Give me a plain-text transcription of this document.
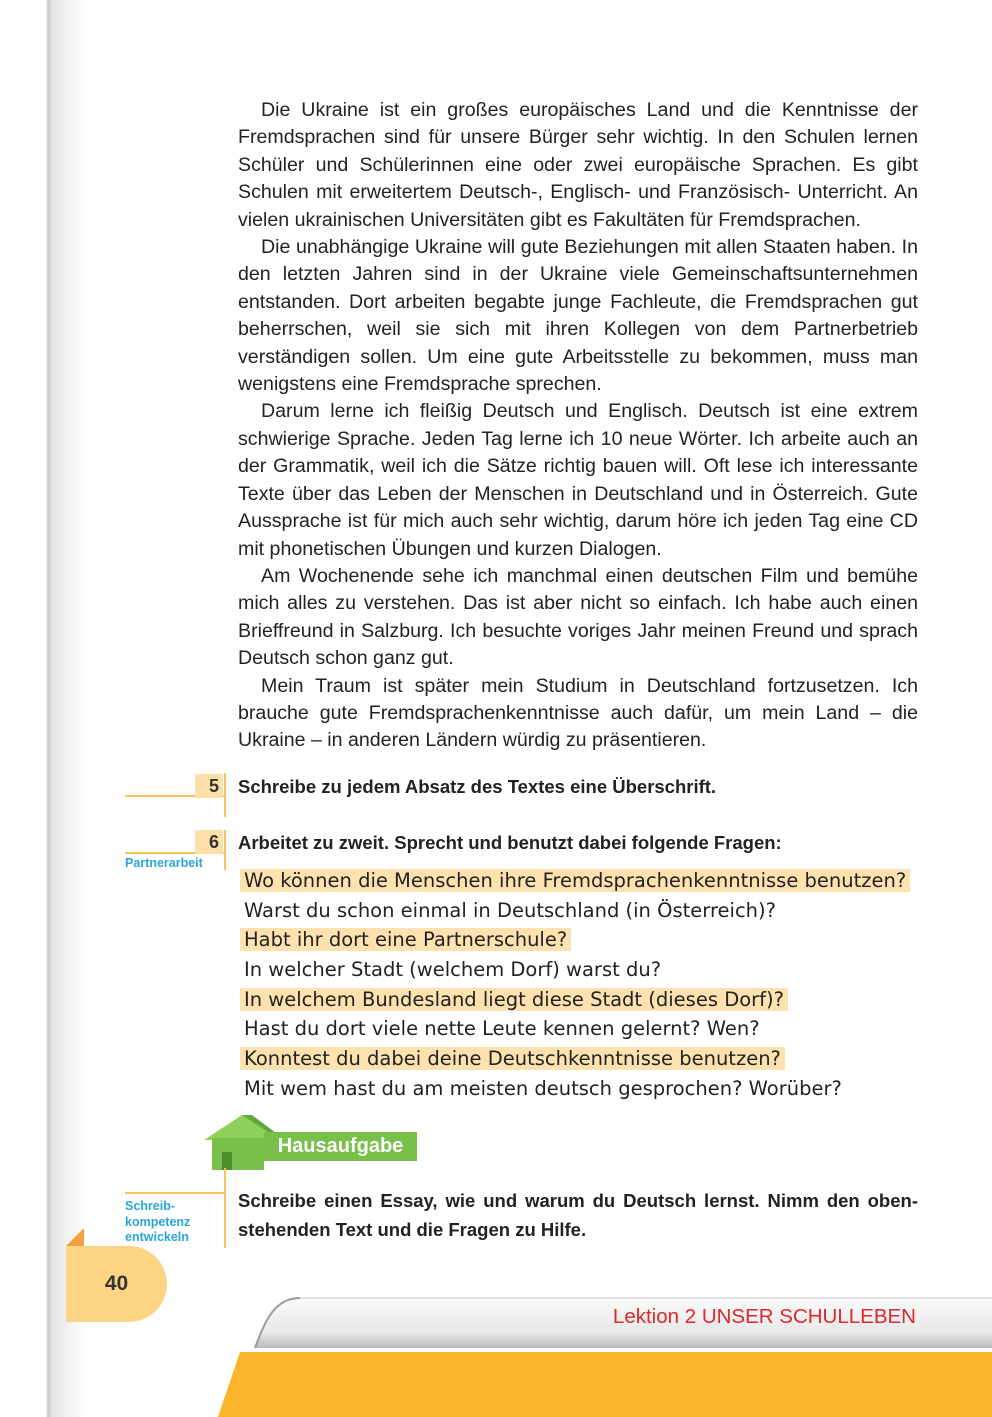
Die Ukraine ist ein großes europäisches Land und die Kenntnisse der Fremdsprachen sind für unsere Bürger sehr wichtig. In den Schulen lernen Schüler und Schülerinnen eine oder zwei europäische Sprachen. Es gibt Schulen mit erweitertem Deutsch-, Englisch- und Französisch- Unterricht. An vielen ukrainischen Universitäten gibt es Fakultäten für Fremdsprachen.

Die unabhängige Ukraine will gute Beziehungen mit allen Staaten haben. In den letzten Jahren sind in der Ukraine viele Gemeinschaftsunternehmen entstanden. Dort arbeiten begabte junge Fachleute, die Fremdsprachen gut beherrschen, weil sie sich mit ihren Kollegen von dem Partnerbetrieb verständigen sollen. Um eine gute Arbeitsstelle zu bekommen, muss man wenigstens eine Fremdsprache sprechen.

Darum lerne ich fleißig Deutsch und Englisch. Deutsch ist eine extrem schwierige Sprache. Jeden Tag lerne ich 10 neue Wörter. Ich arbeite auch an der Grammatik, weil ich die Sätze richtig bauen will. Oft lese ich interessante Texte über das Leben der Menschen in Deutschland und in Österreich. Gute Aussprache ist für mich auch sehr wichtig, darum höre ich jeden Tag eine CD mit phonetischen Übungen und kurzen Dialogen.

Am Wochenende sehe ich manchmal einen deutschen Film und bemühe mich alles zu verstehen. Das ist aber nicht so einfach. Ich habe auch einen Brieffreund in Salzburg. Ich besuchte voriges Jahr meinen Freund und sprach Deutsch schon ganz gut.

Mein Traum ist später mein Studium in Deutschland fortzusetzen. Ich brauche gute Fremdsprachenkenntnisse auch dafür, um mein Land – die Ukraine – in anderen Ländern würdig zu präsentieren.

5 Schreibe zu jedem Absatz des Textes eine Überschrift.
6
Partnerarbeit
Arbeitet zu zweit. Sprecht und benutzt dabei folgende Fragen:
Wo können die Menschen ihre Fremdsprachenkenntnisse benutzen?
Warst du schon einmal in Deutschland (in Österreich)?
Habt ihr dort eine Partnerschule?
In welcher Stadt (welchem Dorf) warst du?
In welchem Bundesland liegt diese Stadt (dieses Dorf)?
Hast du dort viele nette Leute kennen gelernt? Wen?
Konntest du dabei deine Deutschkenntnisse benutzen?
Mit wem hast du am meisten deutsch gesprochen? Worüber?
Hausaufgabe
Schreib-
kompetenz
entwickeln
Schreibe einen Essay, wie und warum du Deutsch lernst. Nimm den obenstehenden Text und die Fragen zu Hilfe.
Lektion 2 UNSER SCHULLEBEN
40
